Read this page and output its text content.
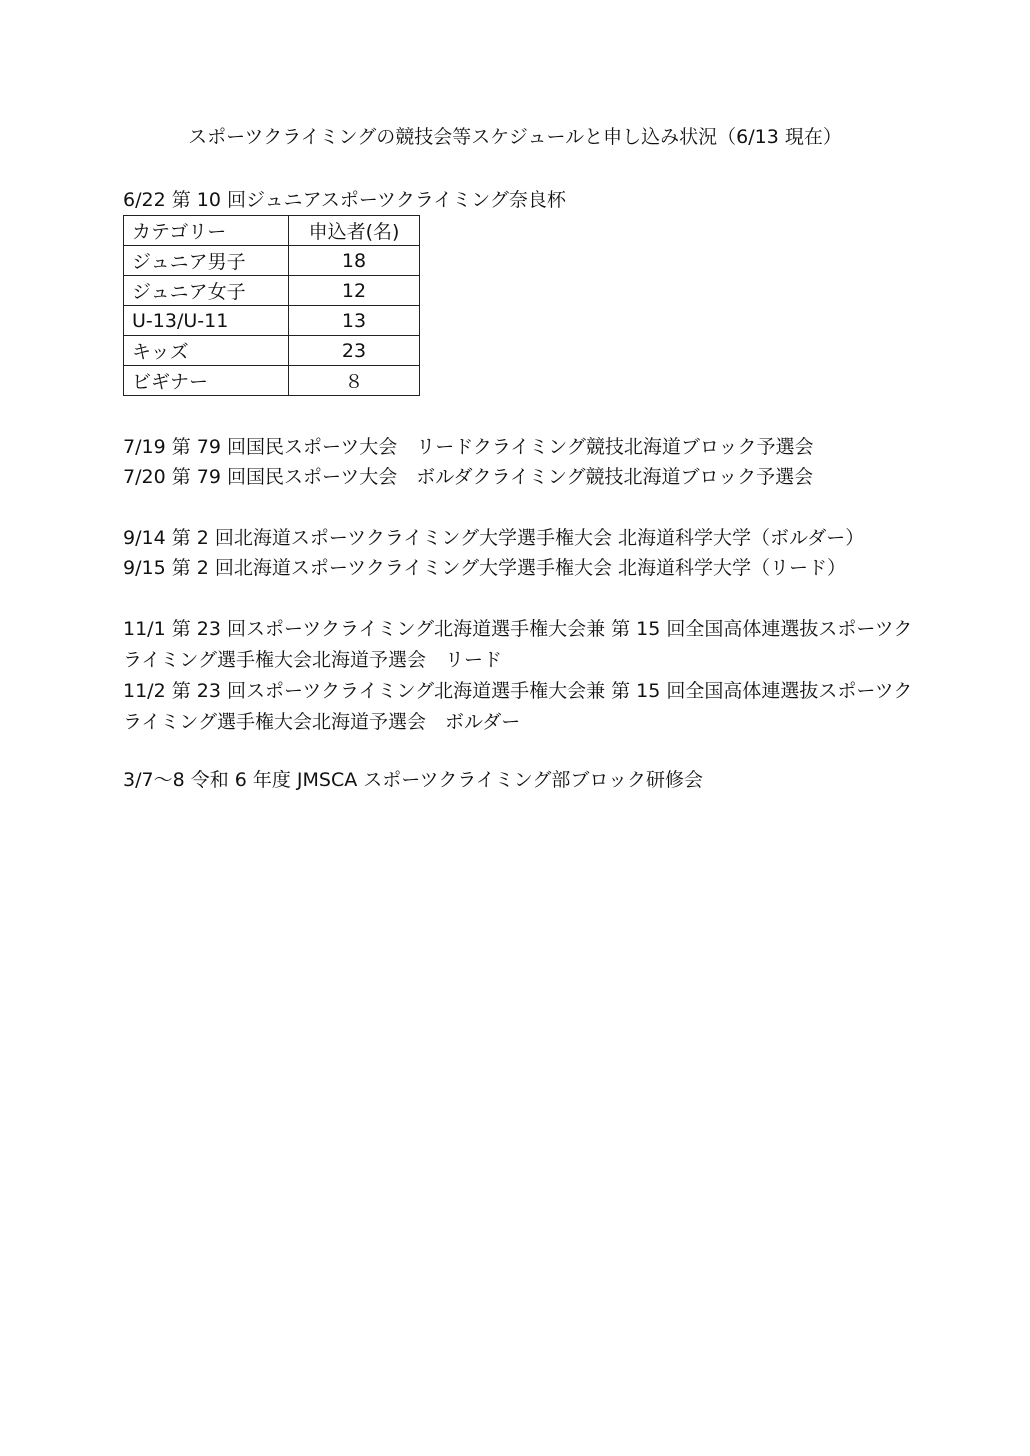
スポーツクライミングの競技会等スケジュールと申し込み状況（6/13 現在）

6/22 第 10 回ジュニアスポーツクライミング奈良杯

カテゴリー	申込者(名)
ジュニア男子	18
ジュニア女子	12
U-13/U-11	13
キッズ	23
ビギナー	８

7/19 第 79 回国民スポーツ大会　リードクライミング競技北海道ブロック予選会

7/20 第 79 回国民スポーツ大会　ボルダクライミング競技北海道ブロック予選会

9/14 第 2 回北海道スポーツクライミング大学選手権大会 北海道科学大学（ボルダー）

9/15 第 2 回北海道スポーツクライミング大学選手権大会 北海道科学大学（リード）

11/1 第 23 回スポーツクライミング北海道選手権大会兼 第 15 回全国高体連選抜スポーツクライミング選手権大会北海道予選会　リード

11/2 第 23 回スポーツクライミング北海道選手権大会兼 第 15 回全国高体連選抜スポーツクライミング選手権大会北海道予選会　ボルダー

3/7～8 令和 6 年度 JMSCA スポーツクライミング部ブロック研修会
